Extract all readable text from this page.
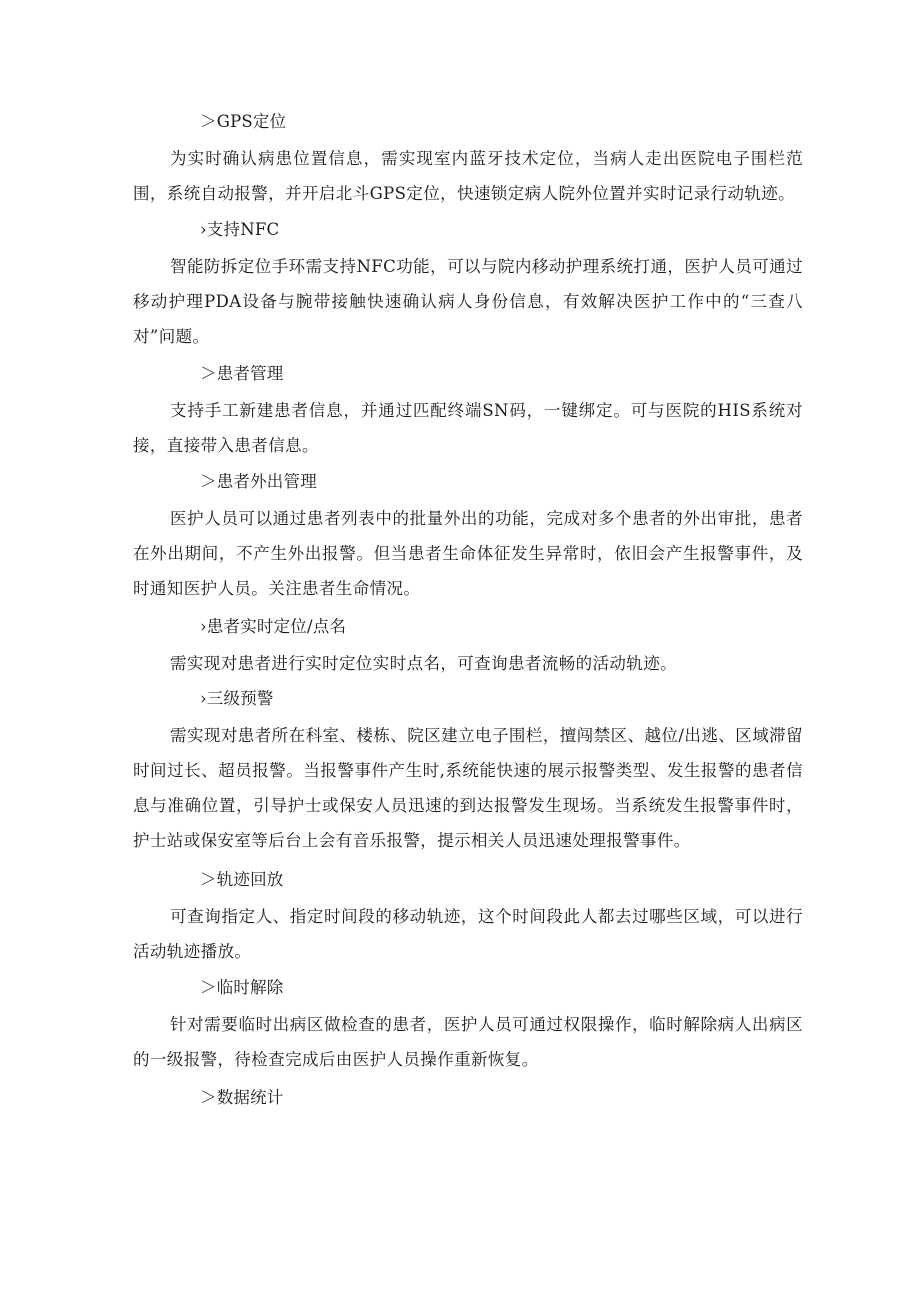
＞GPS定位

为实时确认病患位置信息，需实现室内蓝牙技术定位，当病人走出医院电子围栏范围，系统自动报警，并开启北斗GPS定位，快速锁定病人院外位置并实时记录行动轨迹。

›支持NFC

智能防拆定位手环需支持NFC功能，可以与院内移动护理系统打通，医护人员可通过移动护理PDA设备与腕带接触快速确认病人身份信息，有效解决医护工作中的“三查八对”问题。

＞患者管理

支持手工新建患者信息，并通过匹配终端SN码，一键绑定。可与医院的HIS系统对接，直接带入患者信息。

＞患者外出管理

医护人员可以通过患者列表中的批量外出的功能，完成对多个患者的外出审批，患者在外出期间，不产生外出报警。但当患者生命体征发生异常时，依旧会产生报警事件，及时通知医护人员。关注患者生命情况。

›患者实时定位/点名

需实现对患者进行实时定位实时点名，可查询患者流畅的活动轨迹。

›三级预警

需实现对患者所在科室、楼栋、院区建立电子围栏，擅闯禁区、越位/出逃、区域滞留时间过长、超员报警。当报警事件产生时,系统能快速的展示报警类型、发生报警的患者信息与准确位置，引导护士或保安人员迅速的到达报警发生现场。当系统发生报警事件时，护士站或保安室等后台上会有音乐报警，提示相关人员迅速处理报警事件。

＞轨迹回放

可查询指定人、指定时间段的移动轨迹，这个时间段此人都去过哪些区域，可以进行活动轨迹播放。

＞临时解除

针对需要临时出病区做检查的患者，医护人员可通过权限操作，临时解除病人出病区的一级报警，待检查完成后由医护人员操作重新恢复。

＞数据统计
